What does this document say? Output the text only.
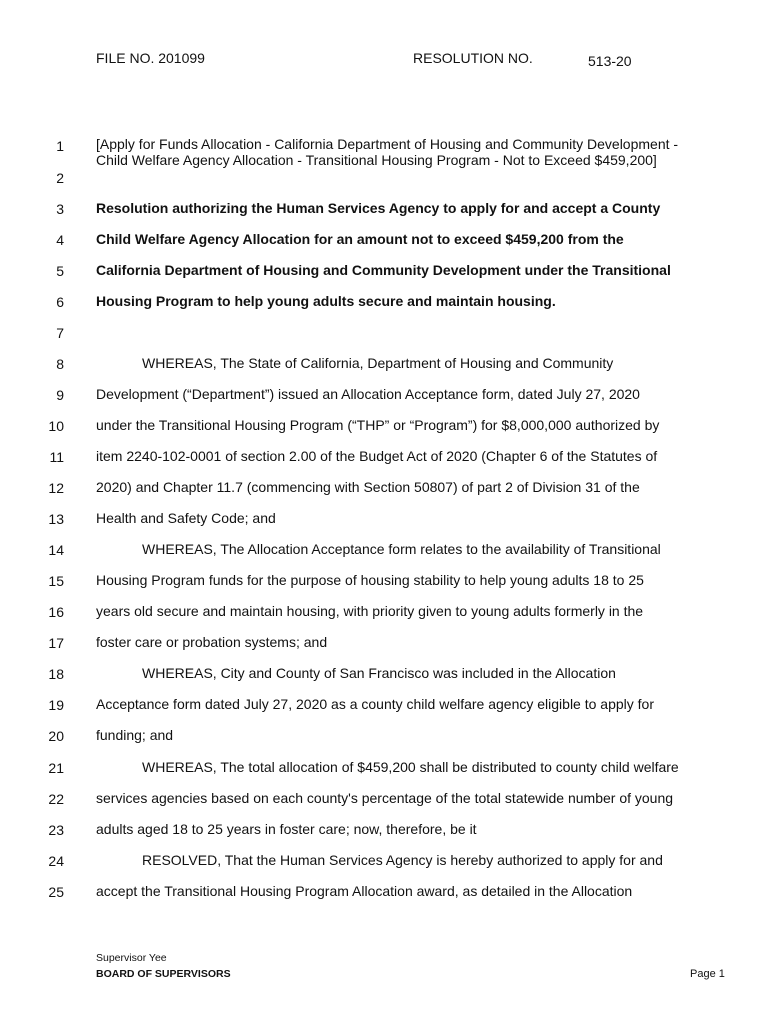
FILE NO. 201099	RESOLUTION NO.	513-20
1
2
3
4
5
6
7
8
9
10
11
12
13
14
15
16
17
18
19
20
21
22
23
24
25
[Apply for Funds Allocation - California Department of Housing and Community Development -
Child Welfare Agency Allocation - Transitional Housing Program - Not to Exceed $459,200]
Resolution authorizing the Human Services Agency to apply for and accept a County
Child Welfare Agency Allocation for an amount not to exceed $459,200 from the
California Department of Housing and Community Development under the Transitional
Housing Program to help young adults secure and maintain housing.
WHEREAS, The State of California, Department of Housing and Community
Development (“Department”) issued an Allocation Acceptance form, dated July 27, 2020
under the Transitional Housing Program (“THP” or “Program”) for $8,000,000 authorized by
item 2240-102-0001 of section 2.00 of the Budget Act of 2020 (Chapter 6 of the Statutes of
2020) and Chapter 11.7 (commencing with Section 50807) of part 2 of Division 31 of the
Health and Safety Code; and
WHEREAS, The Allocation Acceptance form relates to the availability of Transitional
Housing Program funds for the purpose of housing stability to help young adults 18 to 25
years old secure and maintain housing, with priority given to young adults formerly in the
foster care or probation systems; and
WHEREAS, City and County of San Francisco was included in the Allocation
Acceptance form dated July 27, 2020 as a county child welfare agency eligible to apply for
funding; and
WHEREAS, The total allocation of $459,200 shall be distributed to county child welfare
services agencies based on each county's percentage of the total statewide number of young
adults aged 18 to 25 years in foster care; now, therefore, be it
RESOLVED, That the Human Services Agency is hereby authorized to apply for and
accept the Transitional Housing Program Allocation award, as detailed in the Allocation
Supervisor Yee
BOARD OF SUPERVISORS	Page 1
